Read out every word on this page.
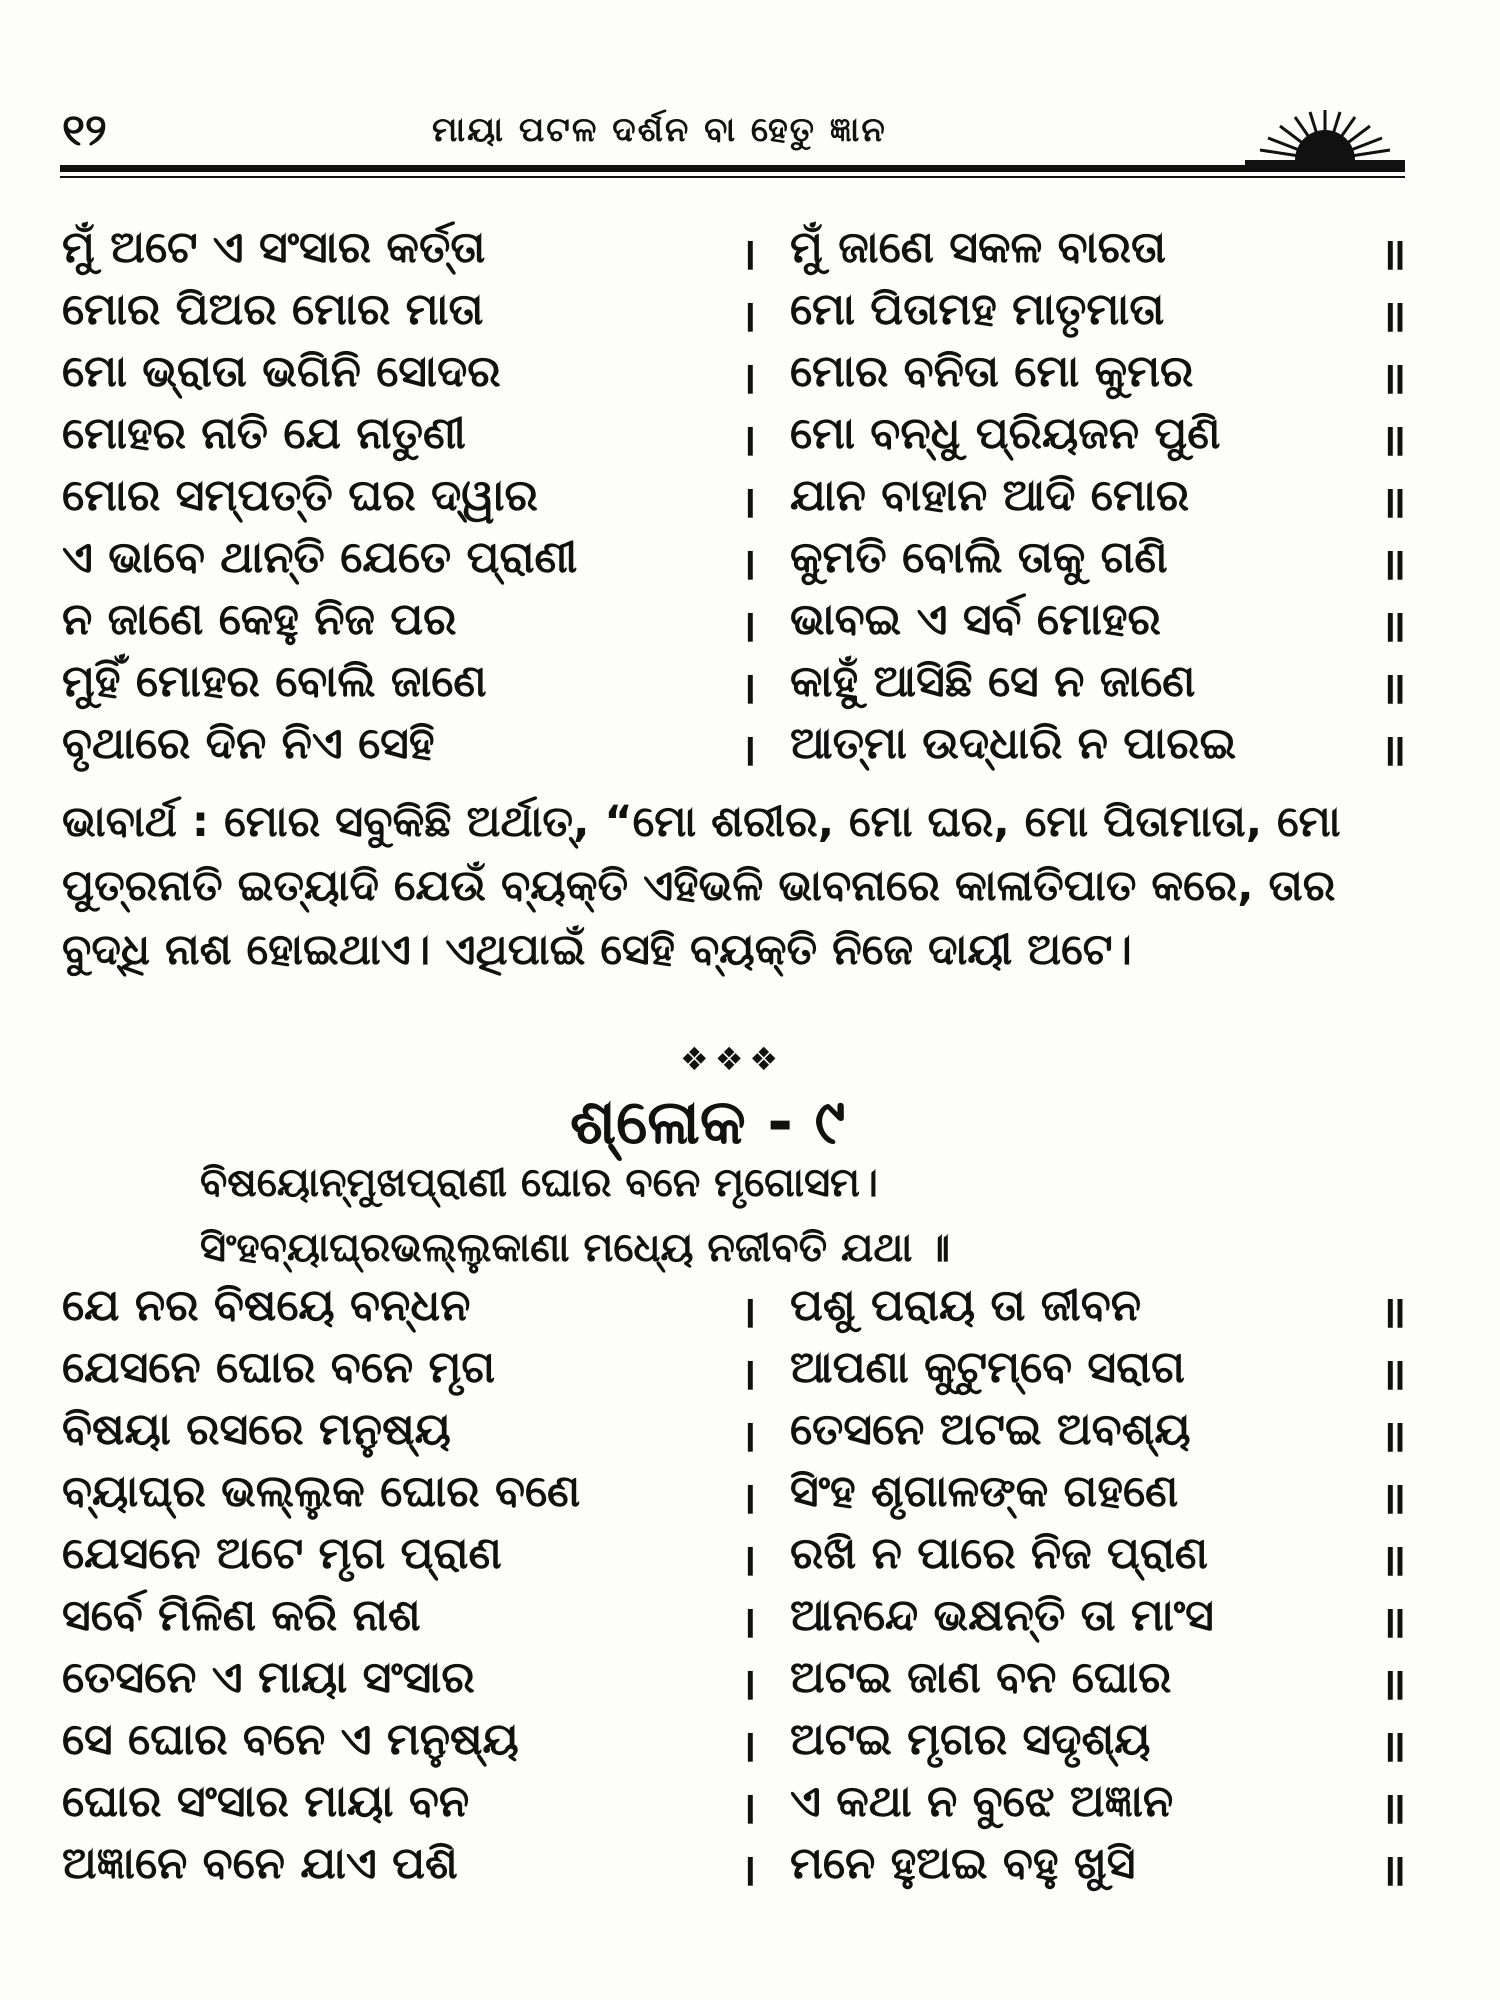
୧୨	ମାୟା ପଟଳ ଦର୍ଶନ ବା ହେତୁ ଜ୍ଞାନ
ମୁଁ ଅଟେ ଏ ସଂସାର କର୍ତ୍ତା	। ମୁଁ ଜାଣେ ସକଳ ବାରତା	॥
ମୋର ପିଅର ମୋର ମାତା	। ମୋ ପିତାମହ ମାତୃମାତା	॥
ମୋ ଭ୍ରାତା ଭଗିନି ସୋଦର	। ମୋର ବନିତା ମୋ କୁମର	॥
ମୋହର ନାତି ଯେ ନାତୁଣୀ	। ମୋ ବନ୍ଧୁ ପ୍ରିୟଜନ ପୁଣି	॥
ମୋର ସମ୍ପତ୍ତି ଘର ଦ୍ୱାର	। ଯାନ ବାହାନ ଆଦି ମୋର	॥
ଏ ଭାବେ ଥାନ୍ତି ଯେତେ ପ୍ରାଣୀ	। କୁମତି ବୋଲି ତାକୁ ଗଣି	॥
ନ ଜାଣେ କେହୁ ନିଜ ପର	। ଭାବଇ ଏ ସର୍ବ ମୋହର	॥
ମୁହିଁ ମୋହର ବୋଲି ଜାଣେ	। କାହୁଁ ଆସିଛି ସେ ନ ଜାଣେ	॥
ବୃଥାରେ ଦିନ ନିଏ ସେହି	। ଆତ୍ମା ଉଦ୍ଧାରି ନ ପାରଇ	॥
ଭାବାର୍ଥ : ମୋର ସବୁକିଛି ଅର୍ଥାତ୍, “ମୋ ଶରୀର, ମୋ ଘର, ମୋ ପିତାମାତା, ମୋ ପୁତ୍ରନାତି ଇତ୍ୟାଦି ଯେଉଁ ବ୍ୟକ୍ତି ଏହିଭଳି ଭାବନାରେ କାଳାତିପାତ କରେ, ତାର ବୁଦ୍ଧି ନାଶ ହୋଇଥାଏ। ଏଥିପାଇଁ ସେହି ବ୍ୟକ୍ତି ନିଜେ ଦାୟୀ ଅଟେ।
❖❖❖
ଶ୍ଳୋକ - ୯
ବିଷୟୋନ୍ମୁଖପ୍ରାଣୀ ଘୋର ବନେ ମୃଗୋସମ।
ସିଂହବ୍ୟାଘ୍ରଭଲ୍ଲୁକାଣା ମଧ୍ୟେ ନଜୀବତି ଯଥା ॥
ଯେ ନର ବିଷୟେ ବନ୍ଧନ	। ପଶୁ ପରାୟ ତା ଜୀବନ	॥
ଯେସନେ ଘୋର ବନେ ମୃଗ	। ଆପଣା କୁଟୁମ୍ବେ ସରାଗ	॥
ବିଷୟା ରସରେ ମନୁଷ୍ୟ	। ତେସନେ ଅଟଇ ଅବଶ୍ୟ	॥
ବ୍ୟାଘ୍ର ଭଲ୍ଲୁକ ଘୋର ବଣେ	। ସିଂହ ଶୃଗାଳଙ୍କ ଗହଣେ	॥
ଯେସନେ ଅଟେ ମୃଗ ପ୍ରାଣ	। ରଖି ନ ପାରେ ନିଜ ପ୍ରାଣ	॥
ସର୍ବେ ମିଳିଣ କରି ନାଶ	। ଆନନ୍ଦେ ଭକ୍ଷନ୍ତି ତା ମାଂସ	॥
ତେସନେ ଏ ମାୟା ସଂସାର	। ଅଟଇ ଜାଣ ବନ ଘୋର	॥
ସେ ଘୋର ବନେ ଏ ମନୁଷ୍ୟ	। ଅଟଇ ମୃଗର ସଦୃଶ୍ୟ	॥
ଘୋର ସଂସାର ମାୟା ବନ	। ଏ କଥା ନ ବୁଝେ ଅଜ୍ଞାନ	॥
ଅଜ୍ଞାନେ ବନେ ଯାଏ ପଶି	। ମନେ ହୁଅଇ ବହୁ ଖୁସି	॥
